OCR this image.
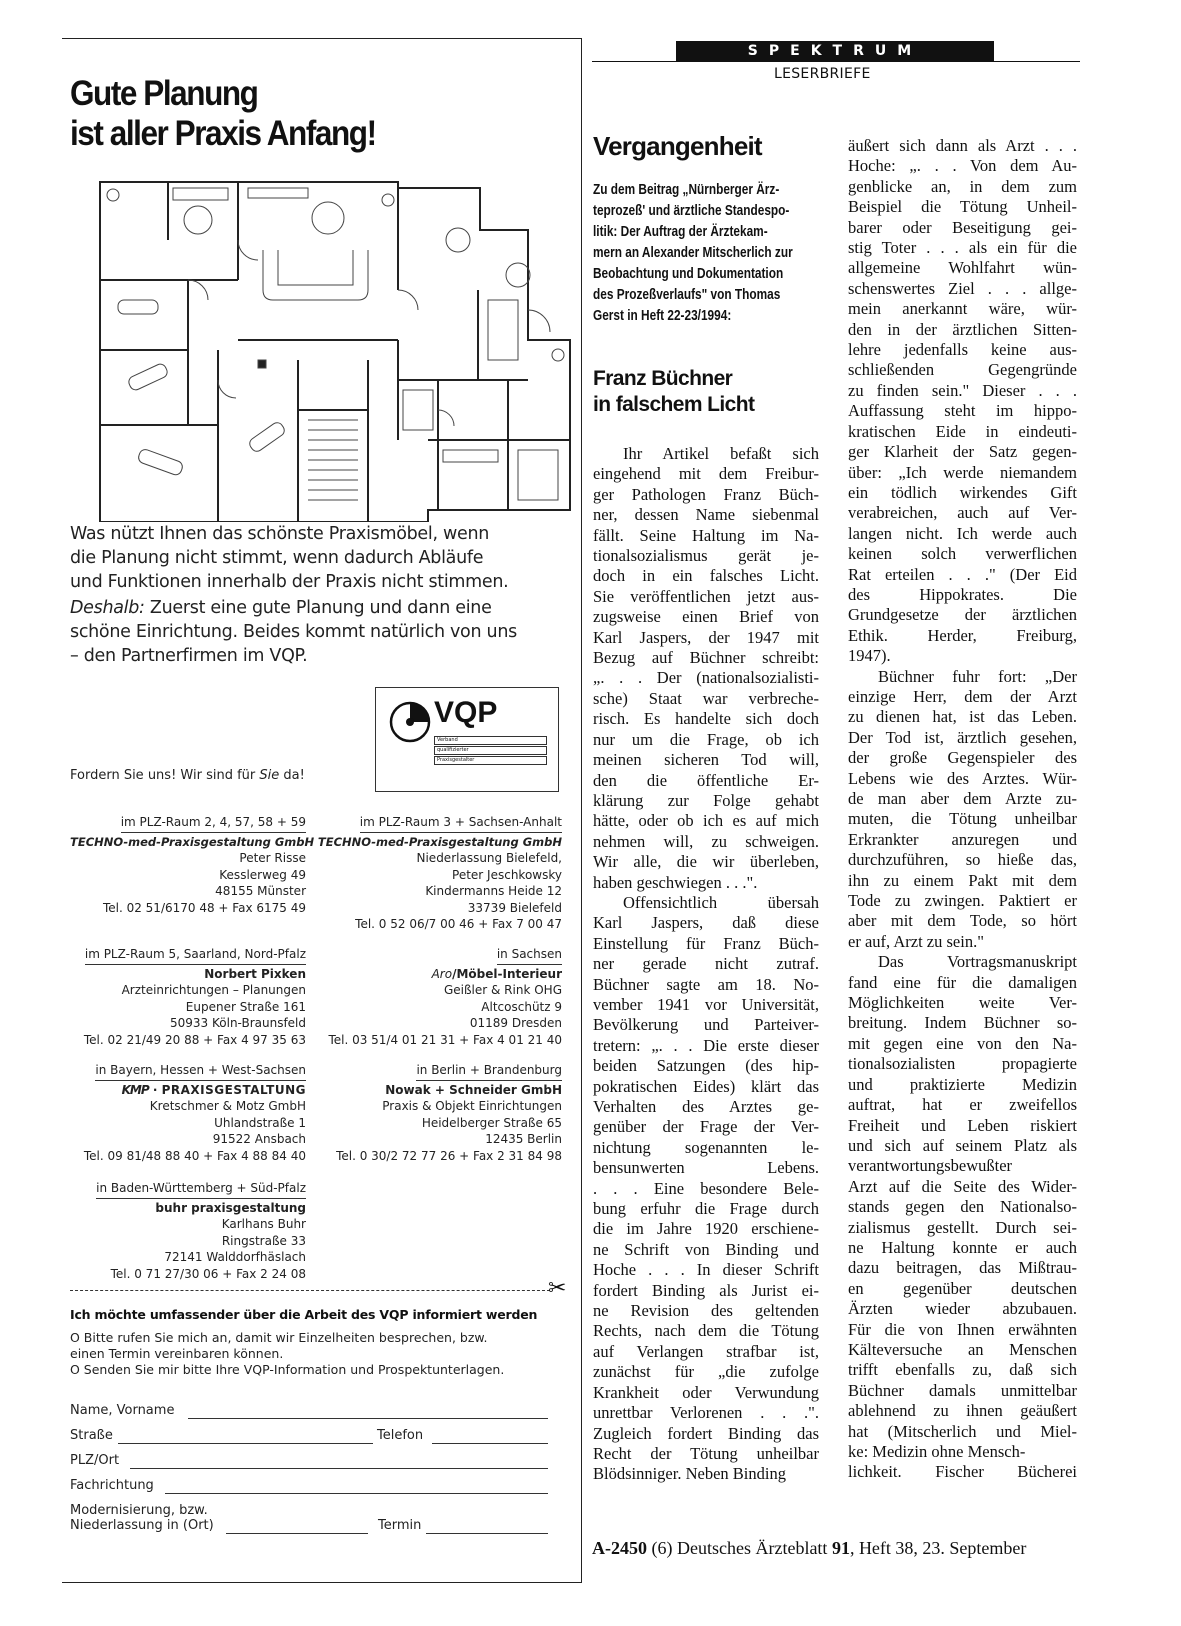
Gute Planung
ist aller Praxis Anfang!

Was nützt Ihnen das schönste Praxismöbel, wenn
die Planung nicht stimmt, wenn dadurch Abläufe
und Funktionen innerhalb der Praxis nicht stimmen.

Deshalb: Zuerst eine gute Planung und dann eine
schöne Einrichtung. Beides kommt natürlich von uns
– den Partnerfirmen im VQP.

VQP
Verband
qualifizierter
Praxisgestalter
Fordern Sie uns! Wir sind für Sie da!
im PLZ-Raum 2, 4, 57, 58 + 59
TECHNO-med-Praxisgestaltung GmbH
Peter Risse
Kesslerweg 49
48155 Münster
Tel. 02 51/6170 48 + Fax 6175 49
im PLZ-Raum 5, Saarland, Nord-Pfalz
Norbert Pixken
Arzteinrichtungen – Planungen
Eupener Straße 161
50933 Köln-Braunsfeld
Tel. 02 21/49 20 88 + Fax 4 97 35 63
in Bayern, Hessen + West-Sachsen
KMP · PRAXISGESTALTUNG
Kretschmer & Motz GmbH
Uhlandstraße 1
91522 Ansbach
Tel. 09 81/48 88 40 + Fax 4 88 84 40
in Baden-Württemberg + Süd-Pfalz
buhr praxisgestaltung
Karlhans Buhr
Ringstraße 33
72141 Walddorfhäslach
Tel. 0 71 27/30 06 + Fax 2 24 08
im PLZ-Raum 3 + Sachsen-Anhalt
TECHNO-med-Praxisgestaltung GmbH
Niederlassung Bielefeld,
Peter Jeschkowsky
Kindermanns Heide 12
33739 Bielefeld
Tel. 0 52 06/7 00 46 + Fax 7 00 47
in Sachsen
Aro/Möbel-Interieur
Geißler & Rink OHG
Altcoschütz 9
01189 Dresden
Tel. 03 51/4 01 21 31 + Fax 4 01 21 40
in Berlin + Brandenburg
Nowak + Schneider GmbH
Praxis & Objekt Einrichtungen
Heidelberger Straße 65
12435 Berlin
Tel. 0 30/2 72 77 26 + Fax 2 31 84 98
✂
Ich möchte umfassender über die Arbeit des VQP informiert werden
O Bitte rufen Sie mich an, damit wir Einzelheiten besprechen, bzw.
einen Termin vereinbaren können.
O Senden Sie mir bitte Ihre VQP-Information und Prospektunterlagen.
Name, Vorname
Straße	Telefon
PLZ/Ort
Fachrichtung
Modernisierung, bzw.
Niederlassung in (Ort)	Termin
SPEKTRUM
LESERBRIEFE
Vergangenheit

Zu dem Beitrag „Nürnberger Ärz-
teprozeß' und ärztliche Standespo-
litik: Der Auftrag der Ärztekam-
mern an Alexander Mitscherlich zur
Beobachtung und Dokumentation
des Prozeßverlaufs" von Thomas
Gerst in Heft 22-23/1994:

Franz Büchner
in falschem Licht
Ihr Artikel befaßt sich
eingehend mit dem Freibur-
ger Pathologen Franz Büch-
ner, dessen Name siebenmal
fällt. Seine Haltung im Na-
tionalsozialismus gerät je-
doch in ein falsches Licht.
Sie veröffentlichen jetzt aus-
zugsweise einen Brief von
Karl Jaspers, der 1947 mit
Bezug auf Büchner schreibt:
„. . . Der (nationalsozialisti-
sche) Staat war verbreche-
risch. Es handelte sich doch
nur um die Frage, ob ich
meinen sicheren Tod will,
den die öffentliche Er-
klärung zur Folge gehabt
hätte, oder ob ich es auf mich
nehmen will, zu schweigen.
Wir alle, die wir überleben,
haben geschwiegen . . .".
Offensichtlich übersah
Karl Jaspers, daß diese
Einstellung für Franz Büch-
ner gerade nicht zutraf.
Büchner sagte am 18. No-
vember 1941 vor Universität,
Bevölkerung und Parteiver-
tretern: „. . . Die erste dieser
beiden Satzungen (des hip-
pokratischen Eides) klärt das
Verhalten des Arztes ge-
genüber der Frage der Ver-
nichtung sogenannten le-
bensunwerten Lebens.
. . . Eine besondere Bele-
bung erfuhr die Frage durch
die im Jahre 1920 erschiene-
ne Schrift von Binding und
Hoche . . . In dieser Schrift
fordert Binding als Jurist ei-
ne Revision des geltenden
Rechts, nach dem die Tötung
auf Verlangen strafbar ist,
zunächst für „die zufolge
Krankheit oder Verwundung
unrettbar Verlorenen . . .".
Zugleich fordert Binding das
Recht der Tötung unheilbar
Blödsinniger. Neben Binding
äußert sich dann als Arzt . . .
Hoche: „. . . Von dem Au-
genblicke an, in dem zum
Beispiel die Tötung Unheil-
barer oder Beseitigung gei-
stig Toter . . . als ein für die
allgemeine Wohlfahrt wün-
schenswertes Ziel . . . allge-
mein anerkannt wäre, wür-
den in der ärztlichen Sitten-
lehre jedenfalls keine aus-
schließenden Gegengründe
zu finden sein." Dieser . . .
Auffassung steht im hippo-
kratischen Eide in eindeuti-
ger Klarheit der Satz gegen-
über: „Ich werde niemandem
ein tödlich wirkendes Gift
verabreichen, auch auf Ver-
langen nicht. Ich werde auch
keinen solch verwerflichen
Rat erteilen . . ." (Der Eid
des Hippokrates. Die
Grundgesetze der ärztlichen
Ethik. Herder, Freiburg,
1947).
Büchner fuhr fort: „Der
einzige Herr, dem der Arzt
zu dienen hat, ist das Leben.
Der Tod ist, ärztlich gesehen,
der große Gegenspieler des
Lebens wie des Arztes. Wür-
de man aber dem Arzte zu-
muten, die Tötung unheilbar
Erkrankter anzuregen und
durchzuführen, so hieße das,
ihn zu einem Pakt mit dem
Tode zu zwingen. Paktiert er
aber mit dem Tode, so hört
er auf, Arzt zu sein."
Das Vortragsmanuskript
fand eine für die damaligen
Möglichkeiten weite Ver-
breitung. Indem Büchner so-
mit gegen eine von den Na-
tionalsozialisten propagierte
und praktizierte Medizin
auftrat, hat er zweifellos
Freiheit und Leben riskiert
und sich auf seinem Platz als
verantwortungsbewußter
Arzt auf die Seite des Wider-
stands gegen den Nationalso-
zialismus gestellt. Durch sei-
ne Haltung konnte er auch
dazu beitragen, das Mißtrau-
en gegenüber deutschen
Ärzten wieder abzubauen.
Für die von Ihnen erwähnten
Kälteversuche an Menschen
trifft ebenfalls zu, daß sich
Büchner damals unmittelbar
ablehnend zu ihnen geäußert
hat (Mitscherlich und Miel-
ke: Medizin ohne Mensch-
lichkeit. Fischer Bücherei
A-2450 (6) Deutsches Ärzteblatt 91, Heft 38, 23. September
